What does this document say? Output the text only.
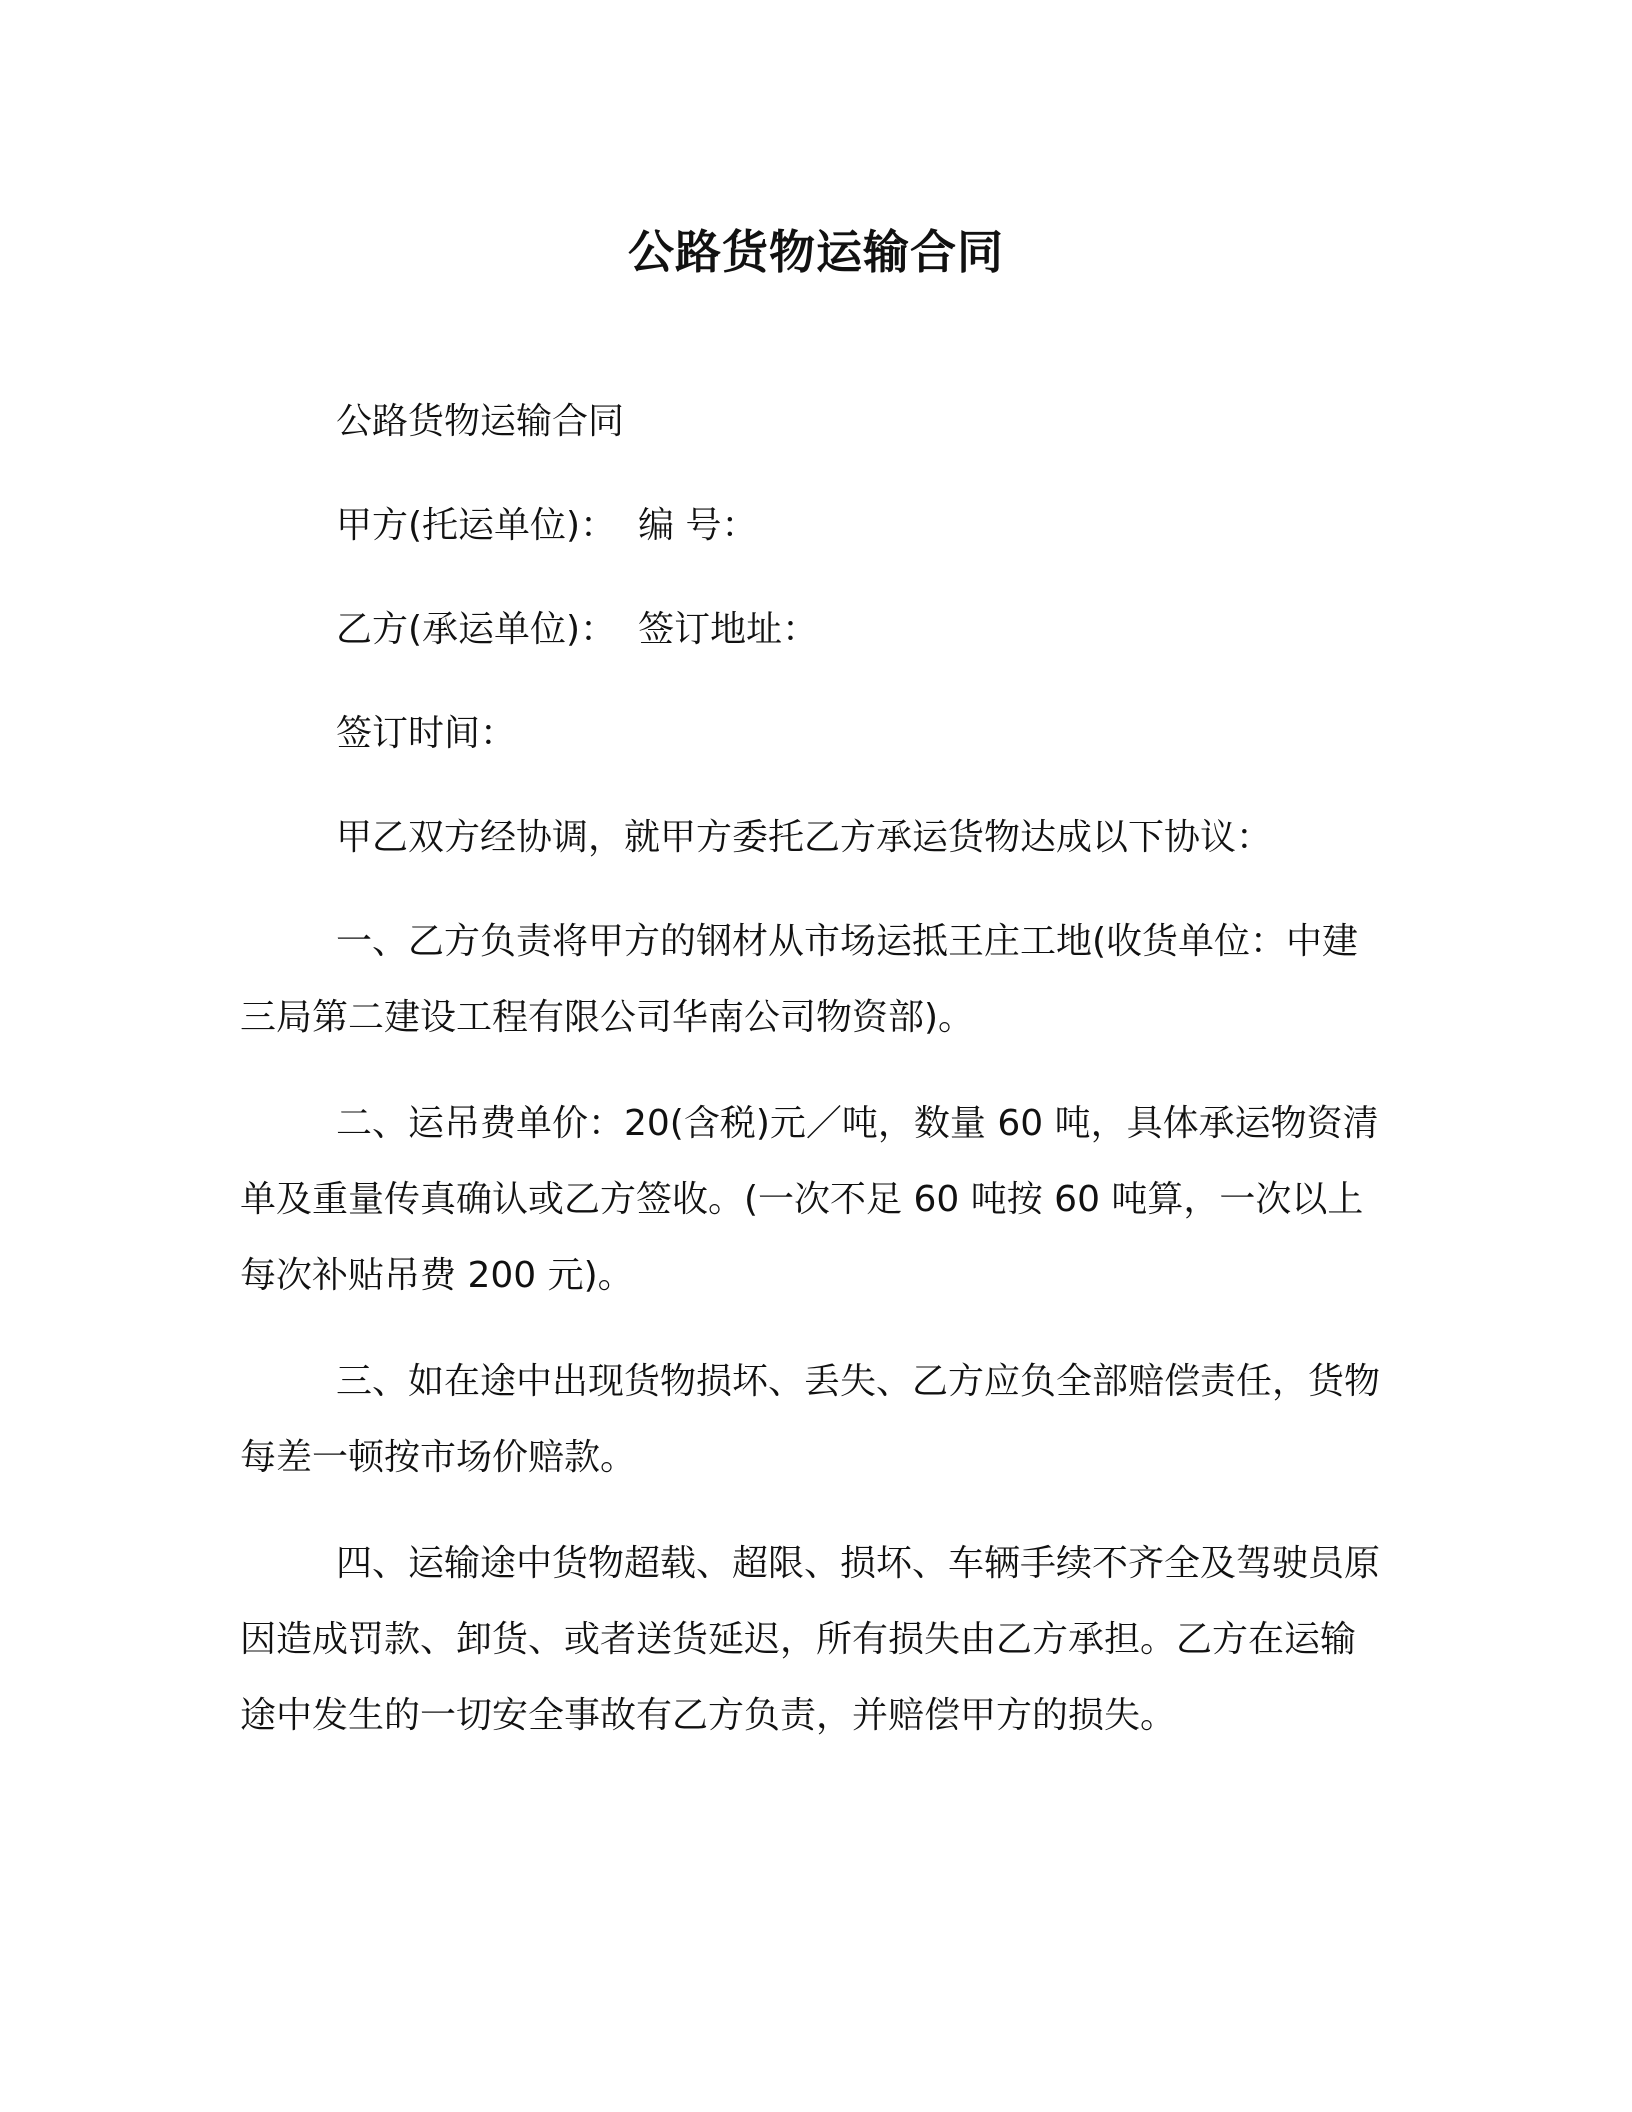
公路货物运输合同
公路货物运输合同
甲方(托运单位)： 编 号：
乙方(承运单位)： 签订地址：
签订时间：
甲乙双方经协调，就甲方委托乙方承运货物达成以下协议：

一、乙方负责将甲方的钢材从市场运抵王庄工地(收货单位：中建三局第二建设工程有限公司华南公司物资部)。

二、运吊费单价：20(含税)元／吨，数量 60 吨，具体承运物资清单及重量传真确认或乙方签收。(一次不足 60 吨按 60 吨算，一次以上每次补贴吊费 200 元)。

三、如在途中出现货物损坏、丢失、乙方应负全部赔偿责任，货物每差一顿按市场价赔款。

四、运输途中货物超载、超限、损坏、车辆手续不齐全及驾驶员原因造成罚款、卸货、或者送货延迟，所有损失由乙方承担。乙方在运输途中发生的一切安全事故有乙方负责，并赔偿甲方的损失。
